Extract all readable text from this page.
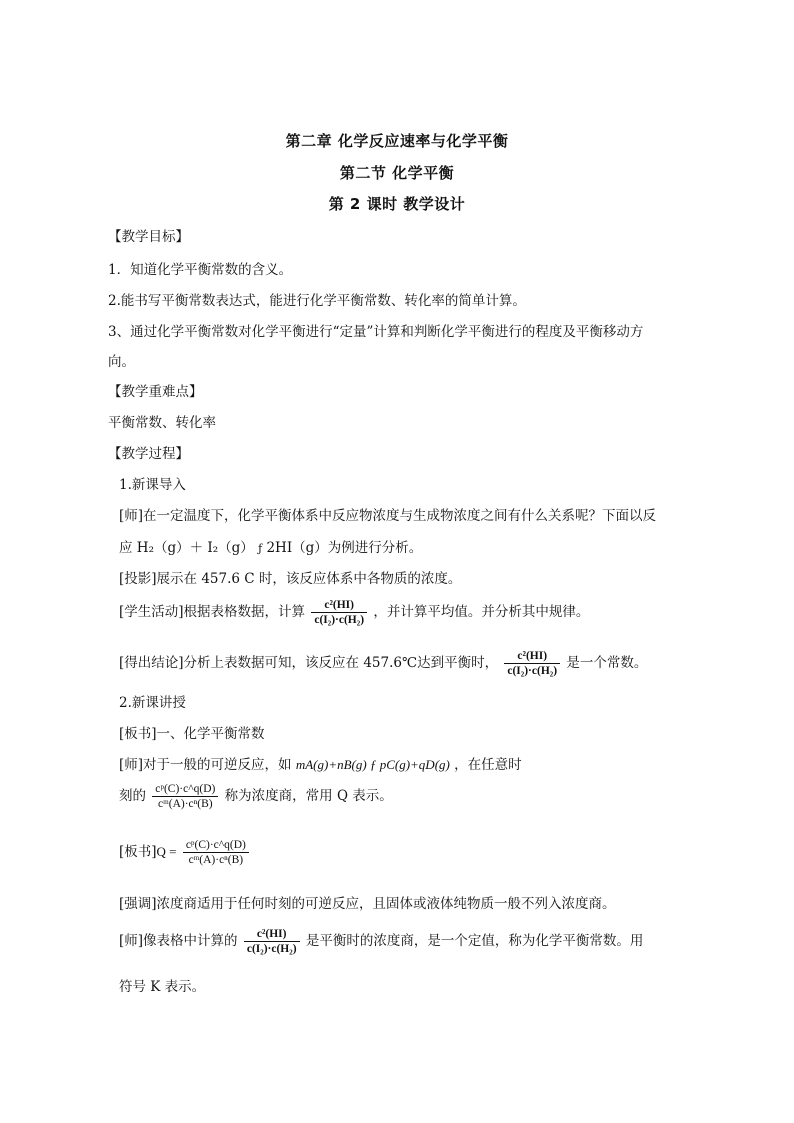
第二章 化学反应速率与化学平衡
第二节 化学平衡
第 2 课时 教学设计
【教学目标】
1．知道化学平衡常数的含义。
2.能书写平衡常数表达式，能进行化学平衡常数、转化率的简单计算。
3、通过化学平衡常数对化学平衡进行“定量”计算和判断化学平衡进行的程度及平衡移动方
向。
【教学重难点】
平衡常数、转化率
【教学过程】
1.新课导入
[师]在一定温度下，化学平衡体系中反应物浓度与生成物浓度之间有什么关系呢？下面以反
应 H₂（g）＋ I₂（g） ƒ 2HI（g）为例进行分析。
[投影]展示在 457.6 C 时，该反应体系中各物质的浓度。
[学生活动]根据表格数据，计算 $\frac{\text{c²(HI)}}{\text{c(I₂)·c(H₂)}}$ ，并计算平均值。并分析其中规律。
[得出结论]分析上表数据可知，该反应在 457.6℃达到平衡时， $\frac{\text{c²(HI)}}{\text{c(I₂)·c(H₂)}}$ 是一个常数。
2.新课讲授
[板书]一、化学平衡常数
[师]对于一般的可逆反应，如 mA(g)+nB(g) ƒ pC(g)+qD(g) ，在任意时
刻的 $\frac{\text{cᵖ(C)·c\textasciicircum{}q(D)}}{\text{cᵐ(A)·cⁿ(B)}}$ 称为浓度商，常用 Q 表示。
[板书]$Q = \frac{\text{cᵖ(C)·c\textasciicircum{}q(D)}}{\text{cᵐ(A)·cⁿ(B)}}$
[强调]浓度商适用于任何时刻的可逆反应，且固体或液体纯物质一般不列入浓度商。
[师]像表格中计算的 $\frac{\text{c²(HI)}}{\text{c(I₂)·c(H₂)}}$ 是平衡时的浓度商，是一个定值，称为化学平衡常数。用
符号 K 表示。
